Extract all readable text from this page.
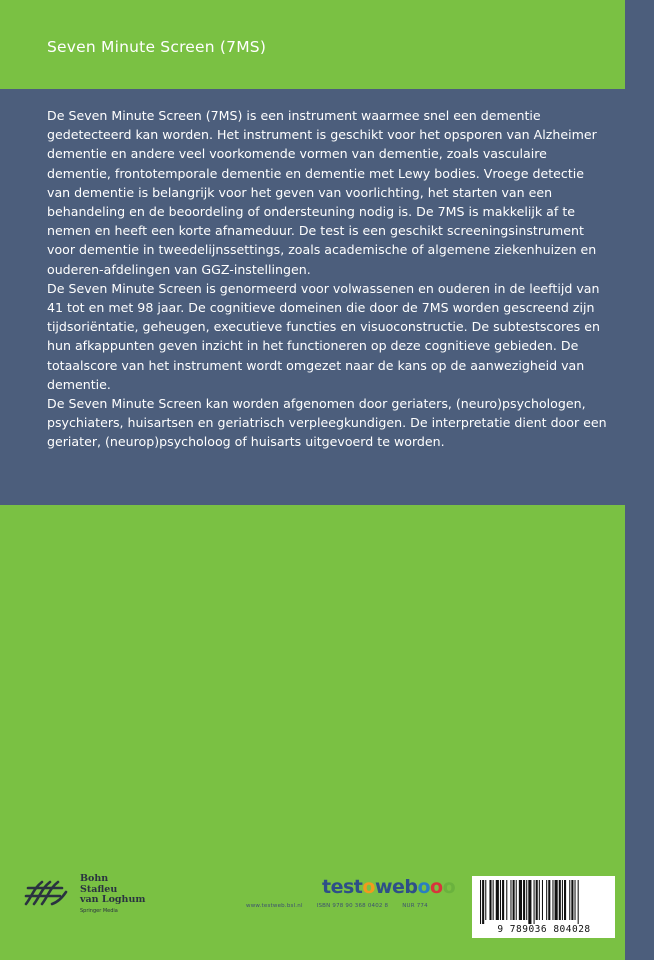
Seven Minute Screen (7MS)

De Seven Minute Screen (7MS) is een instrument waarmee snel een dementie gedetecteerd kan worden. Het instrument is geschikt voor het opsporen van Alzheimer dementie en andere veel voorkomende vormen van dementie, zoals vasculaire dementie, frontotemporale dementie en dementie met Lewy bodies. Vroege detectie van dementie is belangrijk voor het geven van voorlichting, het starten van een behandeling en de beoordeling of ondersteuning nodig is. De 7MS is makkelijk af te nemen en heeft een korte afnameduur. De test is een geschikt screeningsinstrument voor dementie in tweedelijnssettings, zoals academische of algemene ziekenhuizen en ouderen-afdelingen van GGZ-instellingen.

De Seven Minute Screen is genormeerd voor volwassenen en ouderen in de leeftijd van 41 tot en met 98 jaar. De cognitieve domeinen die door de 7MS worden gescreend zijn tijdsoriëntatie, geheugen, executieve functies en visuoconstructie. De subtestscores en hun afkappunten geven inzicht in het functioneren op deze cognitieve gebieden. De totaalscore van het instrument wordt omgezet naar de kans op de aanwezigheid van dementie.

De Seven Minute Screen kan worden afgenomen door geriaters, (neuro)psychologen, psychiaters, huisartsen en geriatrisch verpleegkundigen. De interpretatie dient door een geriater, (neurop)psycholoog of huisarts uitgevoerd te worden.

Bohn
Stafleu
van Loghum
Springer Media
testowebooo
www.testweb.bsl.nl	ISBN 978 90 368 0402 8	NUR 774
9 789036 804028
